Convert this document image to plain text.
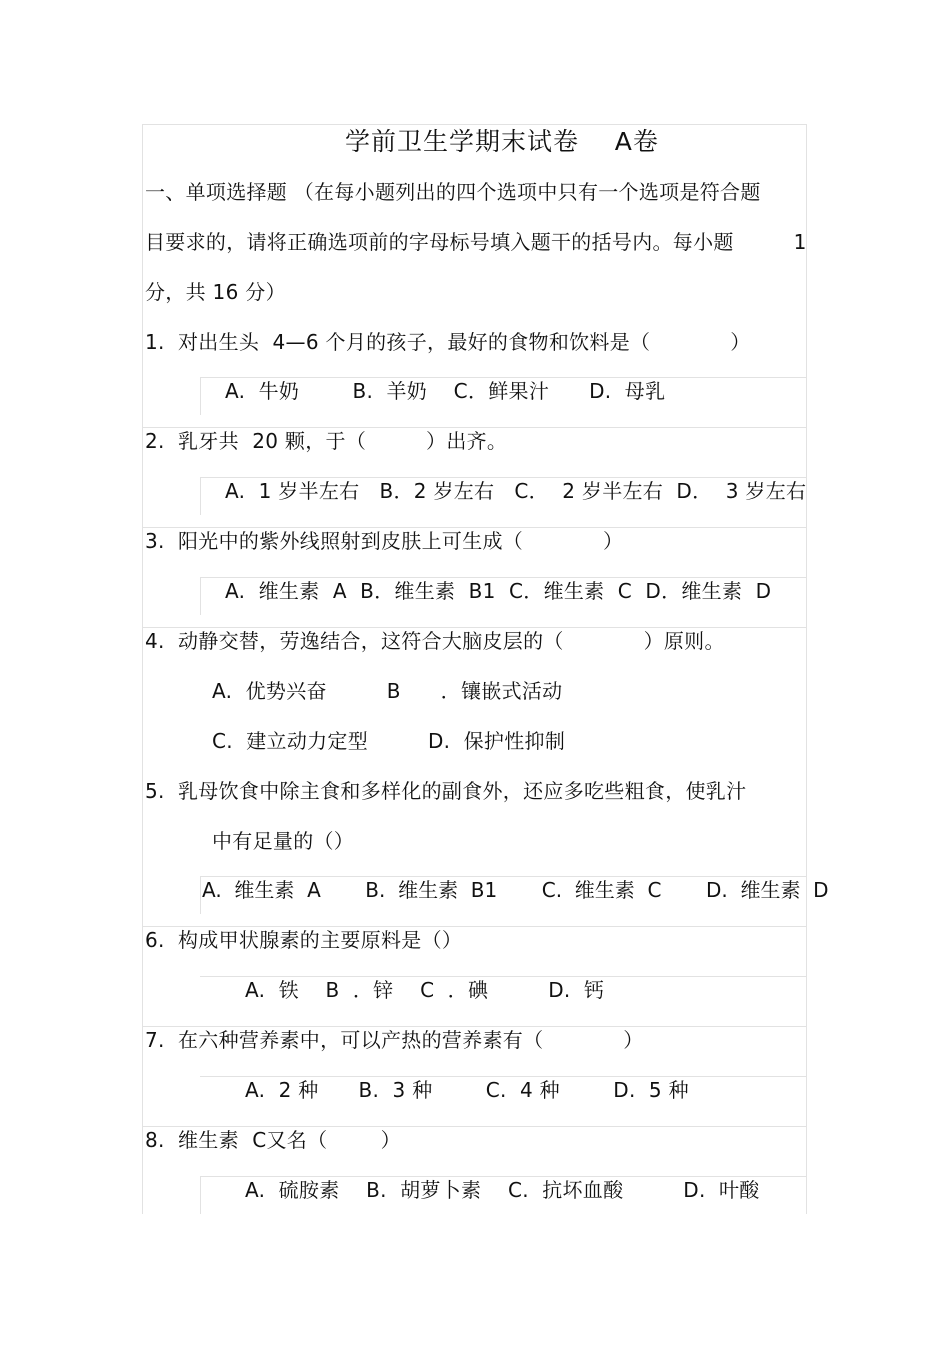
学前卫生学期末试卷    A卷
一、单项选择题 （在每小题列出的四个选项中只有一个选项是符合题
目要求的，请将正确选项前的字母标号填入题干的括号内。每小题         1
分，共 16 分）
1.  对出生头  4—6 个月的孩子，最好的食物和饮料是（            ）
A.  牛奶        B.  羊奶    C．鲜果汁      D.  母乳
2.  乳牙共  20 颗，于（         ）出齐。
A.  1 岁半左右   B．2 岁左右   C．  2 岁半左右  D．  3 岁左右
3.  阳光中的紫外线照射到皮肤上可生成（            ）
A.  维生素  A  B．维生素  B1  C．维生素  C  D．维生素  D
4.  动静交替，劳逸结合，这符合大脑皮层的（            ）原则。
A.  优势兴奋         B      ．镶嵌式活动
C.  建立动力定型         D.  保护性抑制
5.  乳母饮食中除主食和多样化的副食外，还应多吃些粗食，使乳汁
中有足量的（）
A.  维生素  A       B.  维生素  B1       C.  维生素  C       D.  维生素  D
6.  构成甲状腺素的主要原料是（）
A.  铁    B  ．锌    C  ．碘         D.  钙
7.  在六种营养素中，可以产热的营养素有（            ）
A.  2 种      B.  3 种        C.  4 种        D.  5 种
8.  维生素  C又名（        ）
A.  硫胺素    B.  胡萝卜素    C.  抗坏血酸         D.  叶酸
